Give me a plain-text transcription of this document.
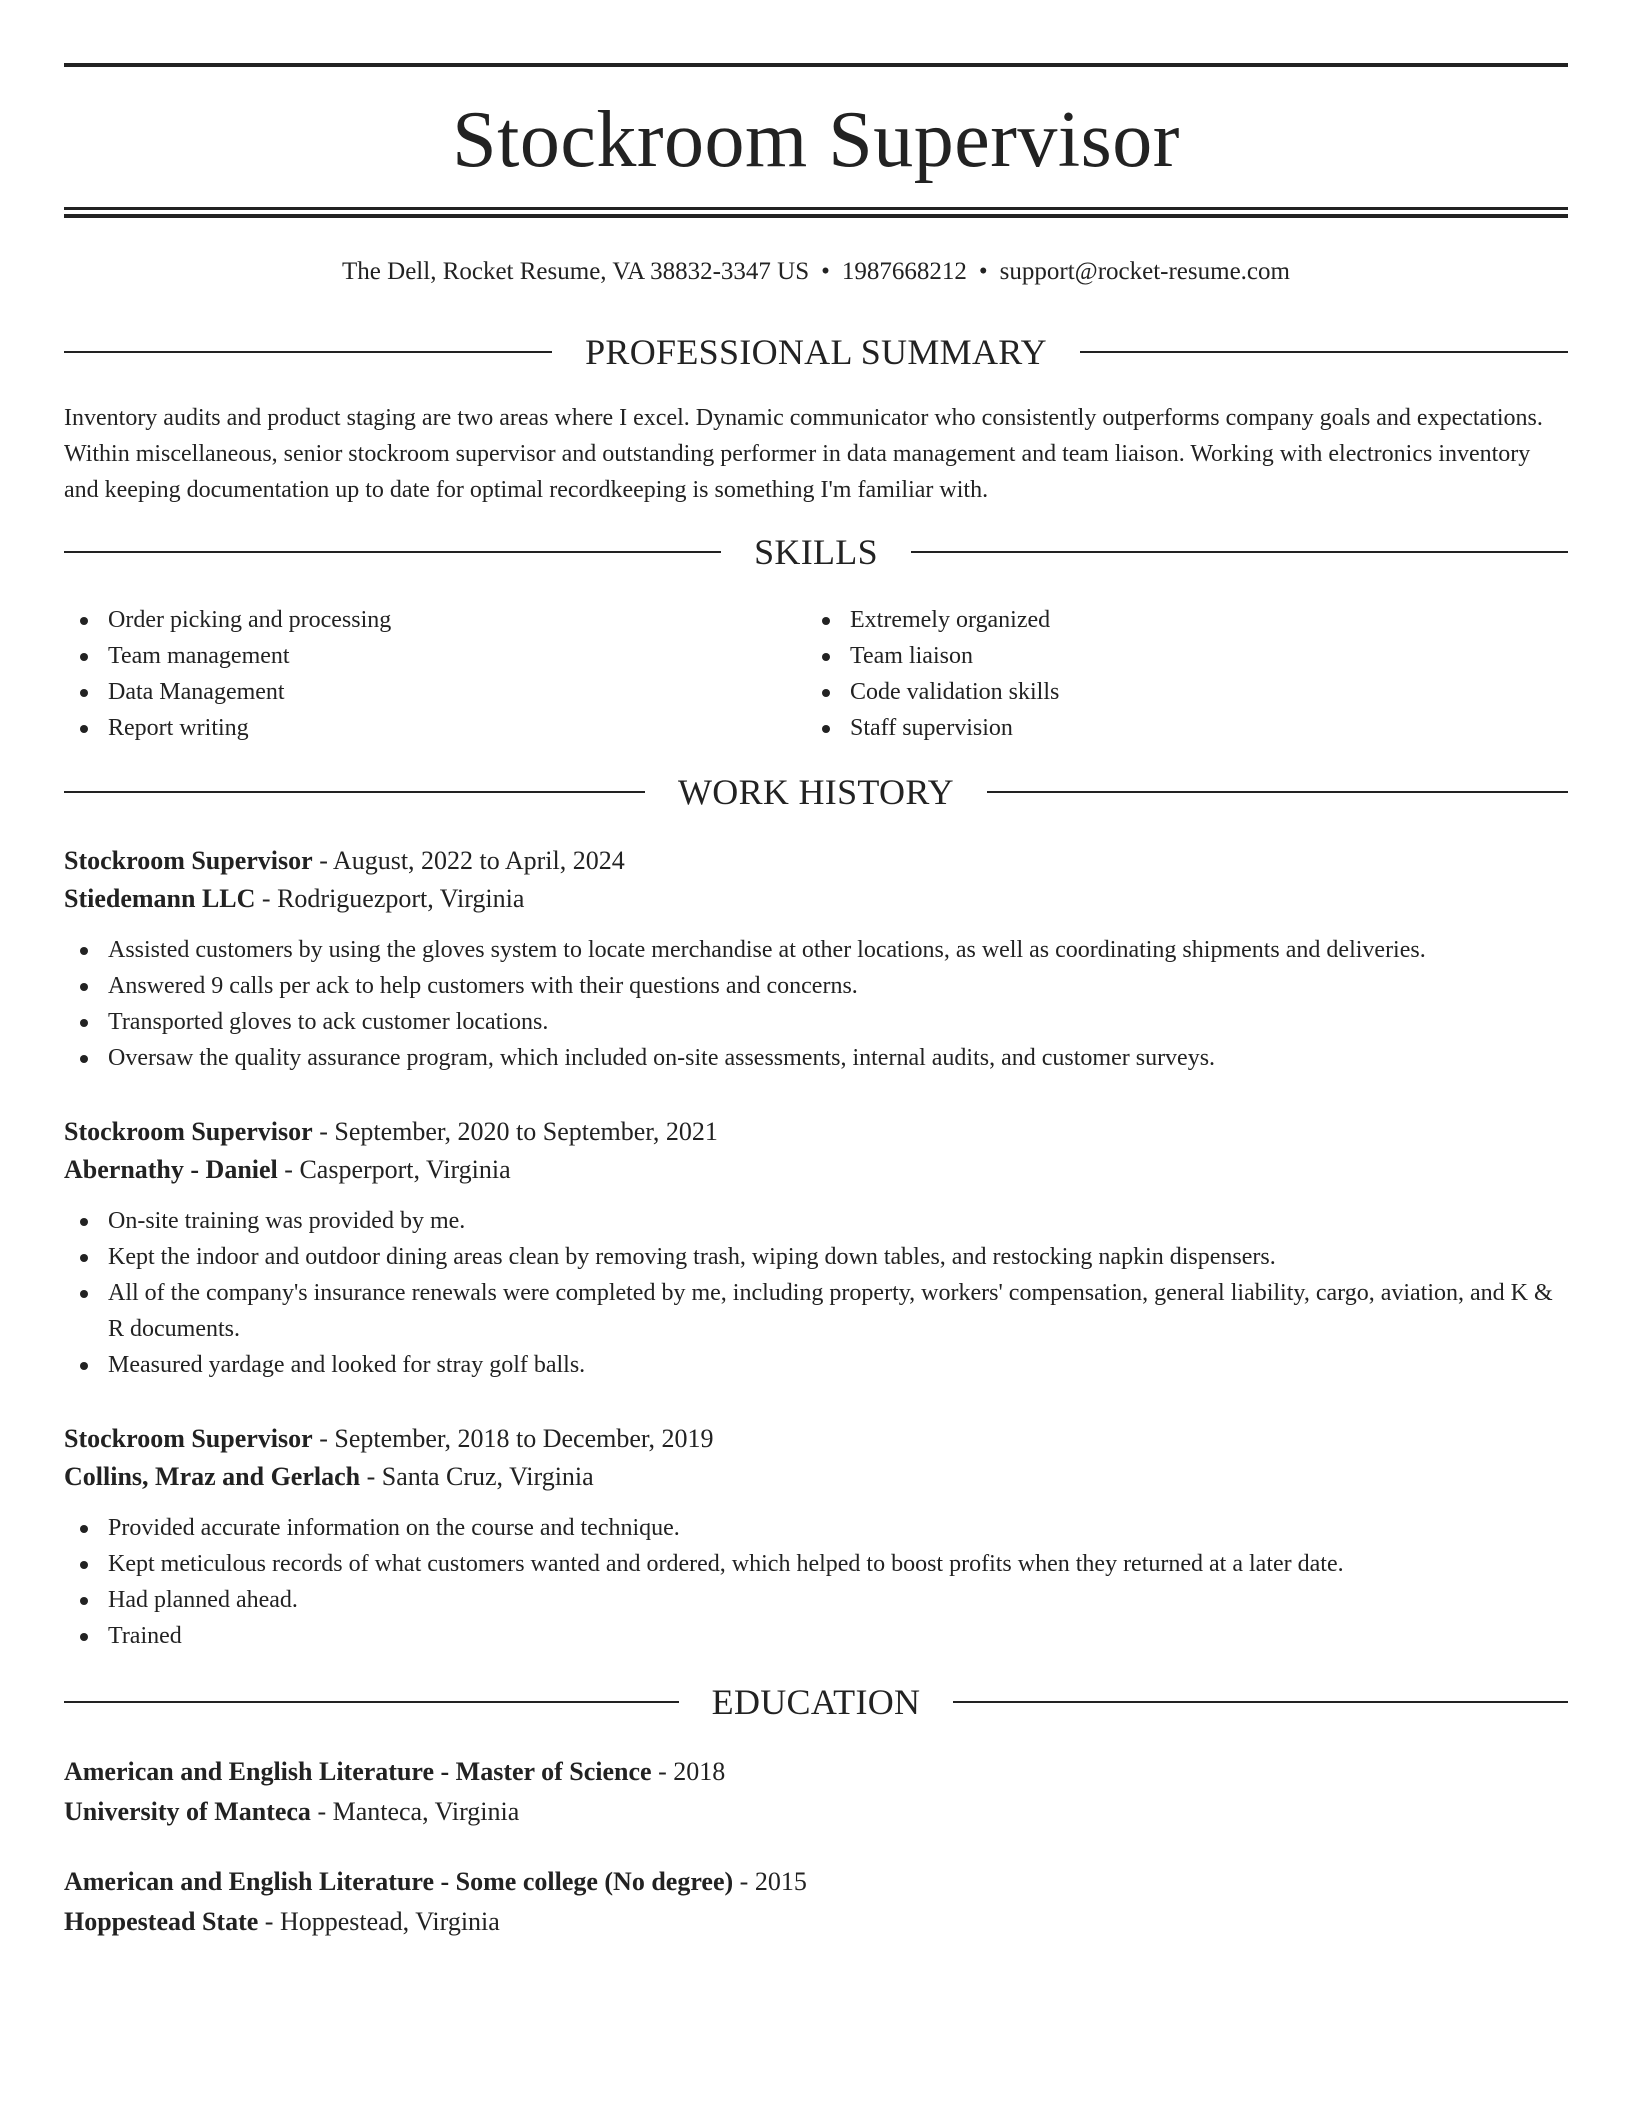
Stockroom Supervisor
The Dell, Rocket Resume, VA 38832-3347 US • 1987668212 • support@rocket-resume.com
PROFESSIONAL SUMMARY

Inventory audits and product staging are two areas where I excel. Dynamic communicator who consistently outperforms company goals and expectations. Within miscellaneous, senior stockroom supervisor and outstanding performer in data management and team liaison. Working with electronics inventory and keeping documentation up to date for optimal recordkeeping is something I'm familiar with.

SKILLS
Order picking and processing
Team management
Data Management
Report writing
Extremely organized
Team liaison
Code validation skills
Staff supervision
WORK HISTORY
Stockroom Supervisor - August, 2022 to April, 2024
Stiedemann LLC - Rodriguezport, Virginia
Assisted customers by using the gloves system to locate merchandise at other locations, as well as coordinating shipments and deliveries.
Answered 9 calls per ack to help customers with their questions and concerns.
Transported gloves to ack customer locations.
Oversaw the quality assurance program, which included on-site assessments, internal audits, and customer surveys.
Stockroom Supervisor - September, 2020 to September, 2021
Abernathy - Daniel - Casperport, Virginia
On-site training was provided by me.
Kept the indoor and outdoor dining areas clean by removing trash, wiping down tables, and restocking napkin dispensers.
All of the company's insurance renewals were completed by me, including property, workers' compensation, general liability, cargo, aviation, and K & R documents.
Measured yardage and looked for stray golf balls.
Stockroom Supervisor - September, 2018 to December, 2019
Collins, Mraz and Gerlach - Santa Cruz, Virginia
Provided accurate information on the course and technique.
Kept meticulous records of what customers wanted and ordered, which helped to boost profits when they returned at a later date.
Had planned ahead.
Trained
EDUCATION
American and English Literature - Master of Science - 2018
University of Manteca - Manteca, Virginia
American and English Literature - Some college (No degree) - 2015
Hoppestead State - Hoppestead, Virginia
